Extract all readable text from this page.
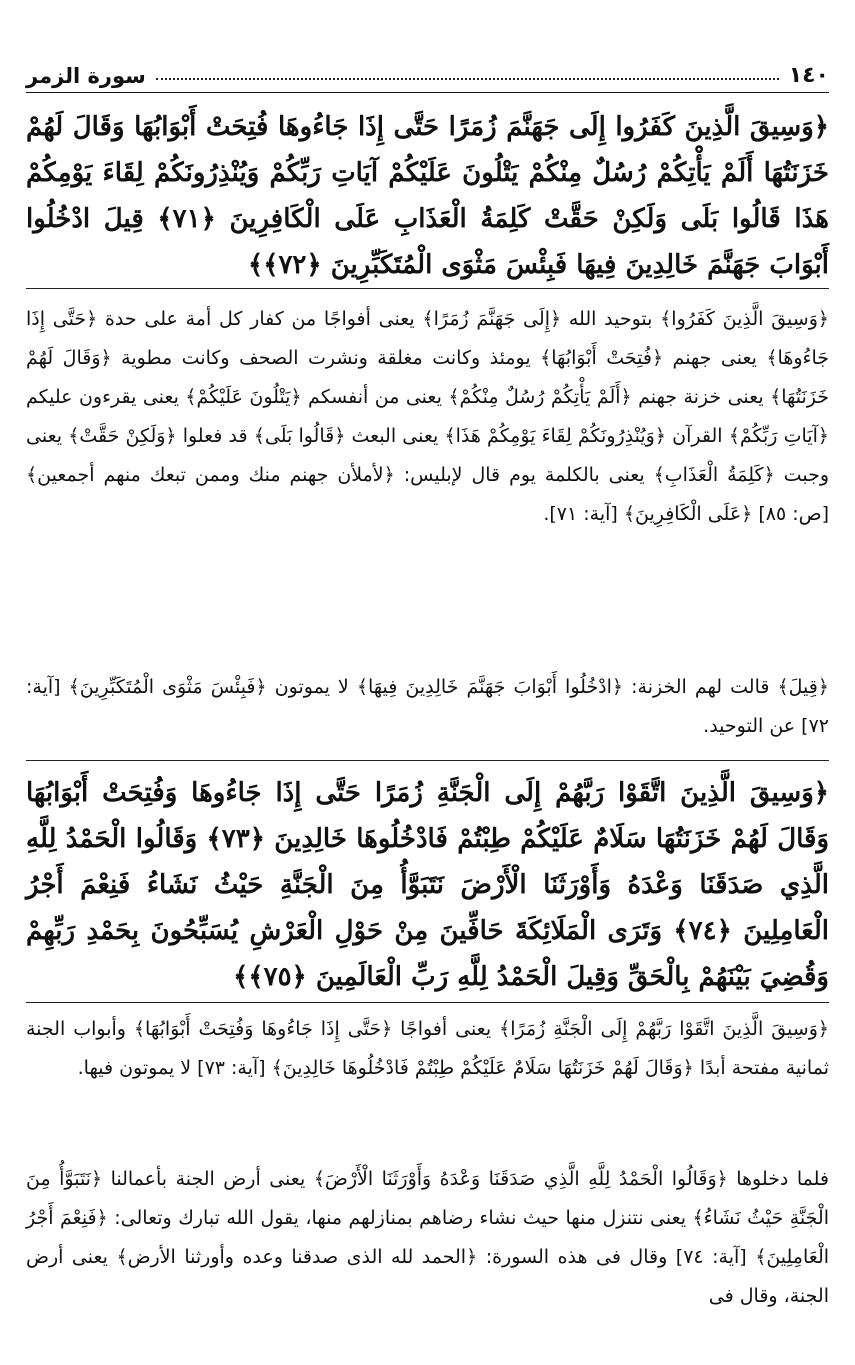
١٤٠
سورة الزمر
﴿وَسِيقَ الَّذِينَ كَفَرُوا إِلَى جَهَنَّمَ زُمَرًا حَتَّى إِذَا جَاءُوهَا فُتِحَتْ أَبْوَابُهَا وَقَالَ لَهُمْ خَزَنَتُهَا أَلَمْ يَأْتِكُمْ رُسُلٌ مِنْكُمْ يَتْلُونَ عَلَيْكُمْ آيَاتِ رَبِّكُمْ وَيُنْذِرُونَكُمْ لِقَاءَ يَوْمِكُمْ هَذَا قَالُوا بَلَى وَلَكِنْ حَقَّتْ كَلِمَةُ الْعَذَابِ عَلَى الْكَافِرِينَ ﴿٧١﴾ قِيلَ ادْخُلُوا أَبْوَابَ جَهَنَّمَ خَالِدِينَ فِيهَا فَبِئْسَ مَثْوَى الْمُتَكَبِّرِينَ ﴿٧٢﴾﴾
﴿وَسِيقَ الَّذِينَ كَفَرُوا﴾ بتوحيد الله ﴿إِلَى جَهَنَّمَ زُمَرًا﴾ يعنى أفواجًا من كفار كل أمة على حدة ﴿حَتَّى إِذَا جَاءُوهَا﴾ يعنى جهنم ﴿فُتِحَتْ أَبْوَابُهَا﴾ يومئذ وكانت مغلقة ونشرت الصحف وكانت مطوية ﴿وَقَالَ لَهُمْ خَزَنَتُهَا﴾ يعنى خزنة جهنم ﴿أَلَمْ يَأْتِكُمْ رُسُلٌ مِنْكُمْ﴾ يعنى من أنفسكم ﴿يَتْلُونَ عَلَيْكُمْ﴾ يعنى يقرءون عليكم ﴿آيَاتِ رَبِّكُمْ﴾ القرآن ﴿وَيُنْذِرُونَكُمْ لِقَاءَ يَوْمِكُمْ هَذَا﴾ يعنى البعث ﴿قَالُوا بَلَى﴾ قد فعلوا ﴿وَلَكِنْ حَقَّتْ﴾ يعنى وجبت ﴿كَلِمَةُ الْعَذَابِ﴾ يعنى بالكلمة يوم قال لإبليس: ﴿لأملأن جهنم منك وممن تبعك منهم أجمعين﴾ [ص: ٨٥] ﴿عَلَى الْكَافِرِينَ﴾ [آية: ٧١].
﴿قِيلَ﴾ قالت لهم الخزنة: ﴿ادْخُلُوا أَبْوَابَ جَهَنَّمَ خَالِدِينَ فِيهَا﴾ لا يموتون ﴿فَبِئْسَ مَثْوَى الْمُتَكَبِّرِينَ﴾ [آية: ٧٢] عن التوحيد.
﴿وَسِيقَ الَّذِينَ اتَّقَوْا رَبَّهُمْ إِلَى الْجَنَّةِ زُمَرًا حَتَّى إِذَا جَاءُوهَا وَفُتِحَتْ أَبْوَابُهَا وَقَالَ لَهُمْ خَزَنَتُهَا سَلَامٌ عَلَيْكُمْ طِبْتُمْ فَادْخُلُوهَا خَالِدِينَ ﴿٧٣﴾ وَقَالُوا الْحَمْدُ لِلَّهِ الَّذِي صَدَقَنَا وَعْدَهُ وَأَوْرَثَنَا الْأَرْضَ نَتَبَوَّأُ مِنَ الْجَنَّةِ حَيْثُ نَشَاءُ فَنِعْمَ أَجْرُ الْعَامِلِينَ ﴿٧٤﴾ وَتَرَى الْمَلَائِكَةَ حَافِّينَ مِنْ حَوْلِ الْعَرْشِ يُسَبِّحُونَ بِحَمْدِ رَبِّهِمْ وَقُضِيَ بَيْنَهُمْ بِالْحَقِّ وَقِيلَ الْحَمْدُ لِلَّهِ رَبِّ الْعَالَمِينَ ﴿٧٥﴾﴾
﴿وَسِيقَ الَّذِينَ اتَّقَوْا رَبَّهُمْ إِلَى الْجَنَّةِ زُمَرًا﴾ يعنى أفواجًا ﴿حَتَّى إِذَا جَاءُوهَا وَفُتِحَتْ أَبْوَابُهَا﴾ وأبواب الجنة ثمانية مفتحة أبدًا ﴿وَقَالَ لَهُمْ خَزَنَتُهَا سَلَامٌ عَلَيْكُمْ طِبْتُمْ فَادْخُلُوهَا خَالِدِينَ﴾ [آية: ٧٣] لا يموتون فيها.
فلما دخلوها ﴿وَقَالُوا الْحَمْدُ لِلَّهِ الَّذِي صَدَقَنَا وَعْدَهُ وَأَوْرَثَنَا الْأَرْضَ﴾ يعنى أرض الجنة بأعمالنا ﴿نَتَبَوَّأُ مِنَ الْجَنَّةِ حَيْثُ نَشَاءُ﴾ يعنى نتنزل منها حيث نشاء رضاهم بمنازلهم منها، يقول الله تبارك وتعالى: ﴿فَنِعْمَ أَجْرُ الْعَامِلِينَ﴾ [آية: ٧٤] وقال فى هذه السورة: ﴿الحمد لله الذى صدقنا وعده وأورثنا الأرض﴾ يعنى أرض الجنة، وقال فى
